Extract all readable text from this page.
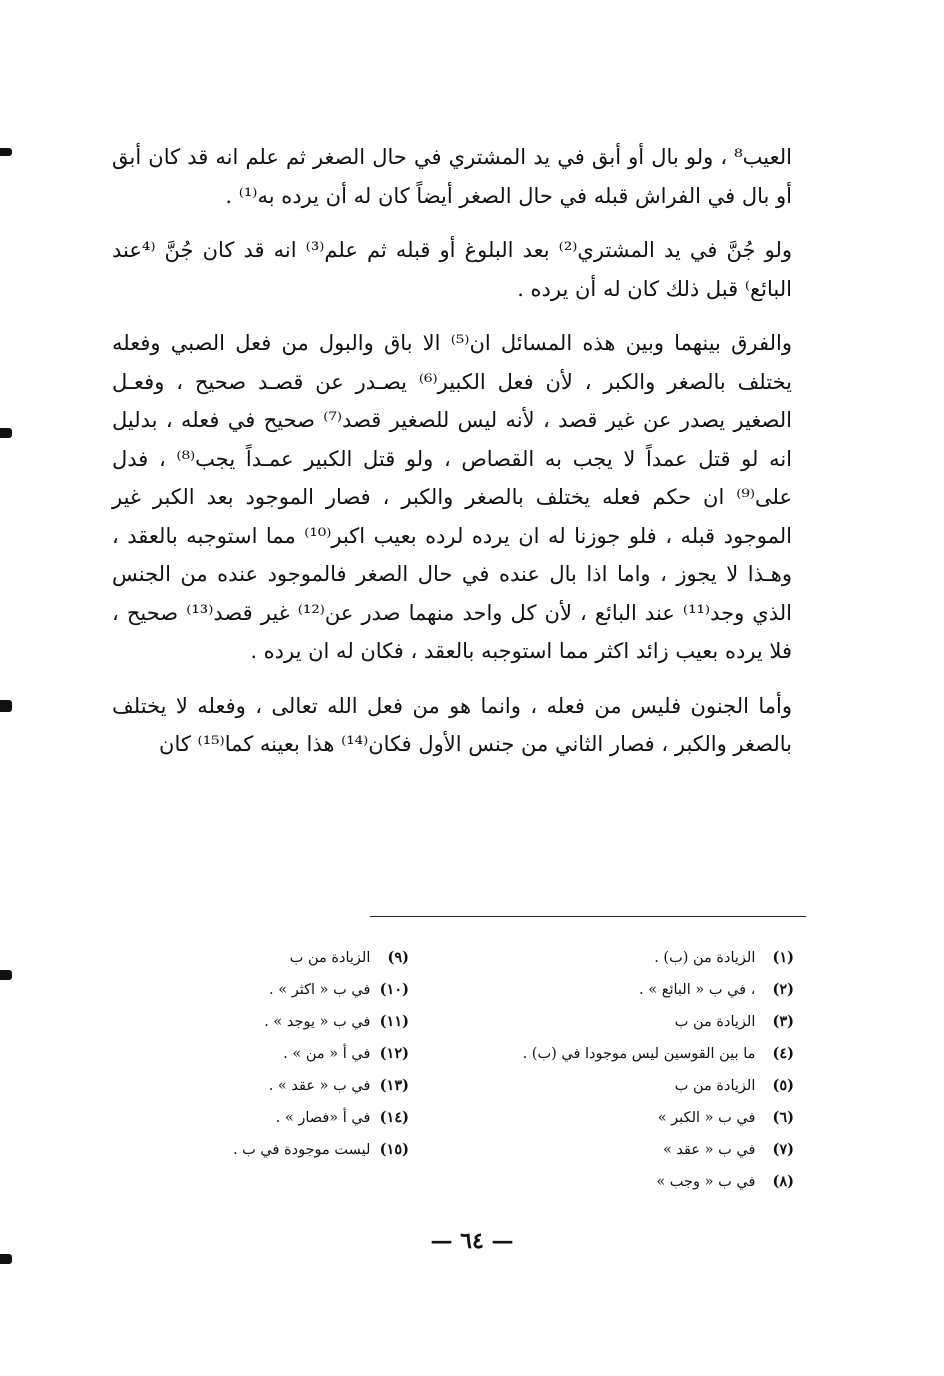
العيب⁸ ، ولو بال أو أبق في يد المشتري في حال الصغر ثم علم انه قد كان أبق أو بال في الفراش قبله في حال الصغر أيضاً كان له أن يرده به⁽¹⁾ .

ولو جُنَّ في يد المشتري⁽²⁾ بعد البلوغ أو قبله ثم علم⁽³⁾ انه قد كان جُنَّ ⁽⁴عند البائع⁾ قبل ذلك كان له أن يرده .

والفرق بينهما وبين هذه المسائل ان⁽⁵⁾ الا باق والبول من فعل الصبي وفعله يختلف بالصغر والكبر ، لأن فعل الكبير⁽⁶⁾ يصـدر عن قصـد صحيح ، وفعـل الصغير يصدر عن غير قصد ، لأنه ليس للصغير قصد⁽⁷⁾ صحيح في فعله ، بدليل انه لو قتل عمداً لا يجب به القصاص ، ولو قتل الكبير عمـداً يجب⁽⁸⁾ ، فدل على⁽⁹⁾ ان حكم فعله يختلف بالصغر والكبر ، فصار الموجود بعد الكبر غير الموجود قبله ، فلو جوزنا له ان يرده لرده بعيب اكبر⁽¹⁰⁾ مما استوجبه بالعقد ، وهـذا لا يجوز ، واما اذا بال عنده في حال الصغر فالموجود عنده من الجنس الذي وجد⁽¹¹⁾ عند البائع ، لأن كل واحد منهما صدر عن⁽¹²⁾ غير قصد⁽¹³⁾ صحيح ، فلا يرده بعيب زائد اكثر مما استوجبه بالعقد ، فكان له ان يرده .

وأما الجنون فليس من فعله ، وانما هو من فعل الله تعالى ، وفعله لا يختلف بالصغر والكبر ، فصار الثاني من جنس الأول فكان⁽¹⁴⁾ هذا بعينه كما⁽¹⁵⁾ كان

(١) الزيادة من (ب) .
(٢) ، في ب « البائع » .
(٣) الزيادة من ب
(٤) ما بين القوسين ليس موجودا في (ب) .
(٥) الزيادة من ب
(٦) في ب « الكبر »
(٧) في ب « عقد »
(٨) في ب « وجب »
(٩) الزيادة من ب
(١٠) في ب « اكثر » .
(١١) في ب « يوجد » .
(١٢) في أ « من » .
(١٣) في ب « عقد » .
(١٤) في أ «فصار » .
(١٥) ليست موجودة في ب .
— ٦٤ —
